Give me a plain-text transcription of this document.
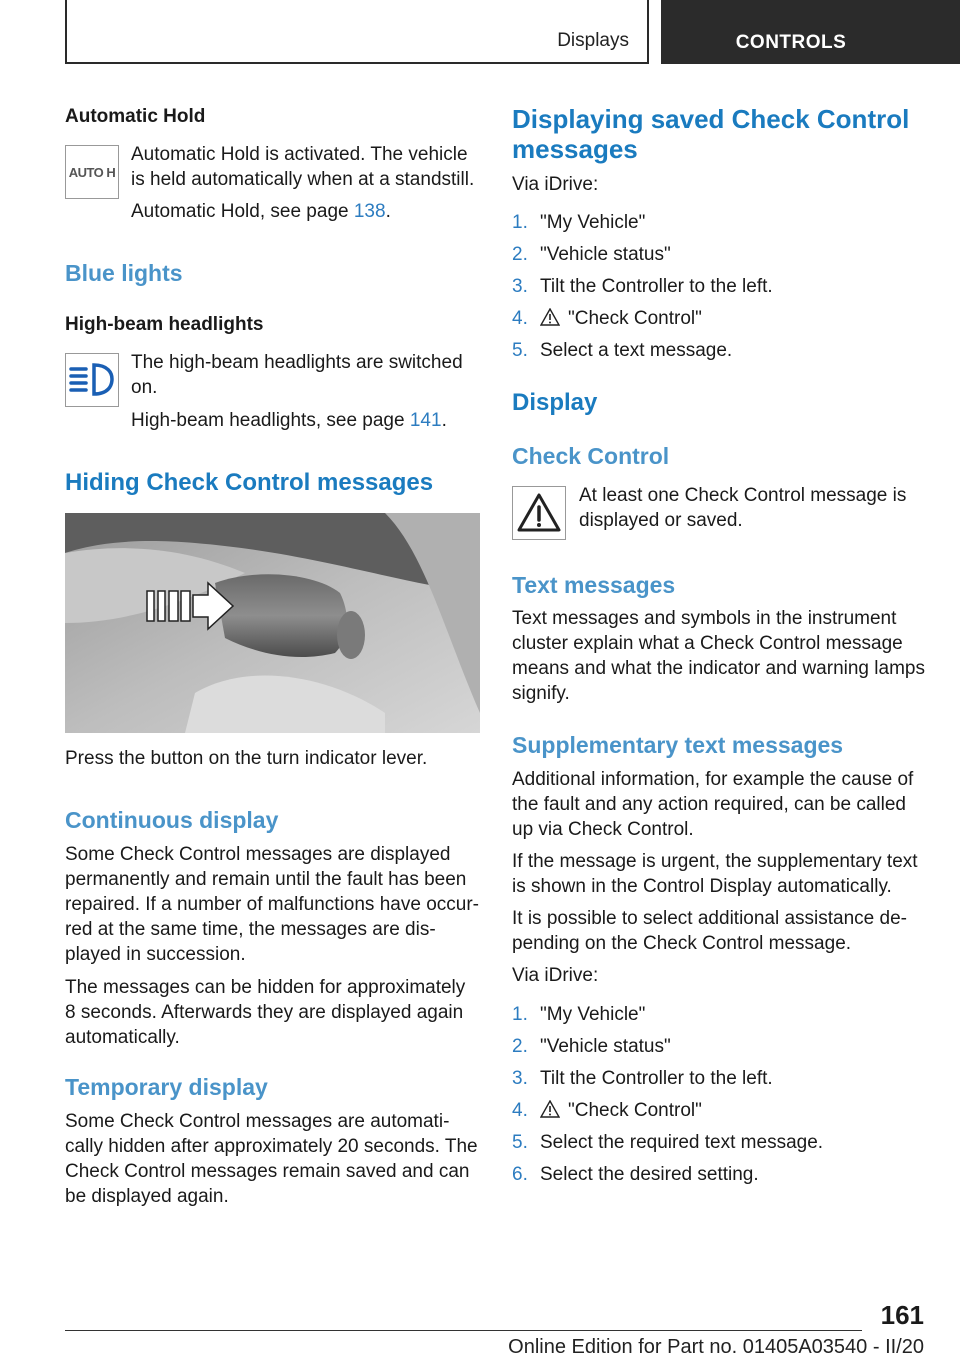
Displays	CONTROLS
Automatic Hold
AUTO H
Automatic Hold is activated. The vehicle is held automatically when at a standstill.
Automatic Hold, see page 138.
Blue lights
High-beam headlights
The high-beam headlights are switched on.
High-beam headlights, see page 141.
Hiding Check Control messages
Press the button on the turn indicator lever.
Continuous display
Some Check Control messages are displayed permanently and remain until the fault has been repaired. If a number of malfunctions have occurred at the same time, the messages are displayed in succession.
The messages can be hidden for approximately 8 seconds. Afterwards they are displayed again automatically.
Temporary display
Some Check Control messages are automatically hidden after approximately 20 seconds. The Check Control messages remain saved and can be displayed again.
Displaying saved Check Control messages
Via iDrive:
1. "My Vehicle"
2. "Vehicle status"
3. Tilt the Controller to the left.
4. "Check Control"
5. Select a text message.
Display
Check Control
At least one Check Control message is displayed or saved.
Text messages
Text messages and symbols in the instrument cluster explain what a Check Control message means and what the indicator and warning lamps signify.
Supplementary text messages
Additional information, for example the cause of the fault and any action required, can be called up via Check Control.
If the message is urgent, the supplementary text is shown in the Control Display automatically.
It is possible to select additional assistance depending on the Check Control message.
Via iDrive:
1. "My Vehicle"
2. "Vehicle status"
3. Tilt the Controller to the left.
4. "Check Control"
5. Select the required text message.
6. Select the desired setting.
161
Online Edition for Part no. 01405A03540 - II/20
